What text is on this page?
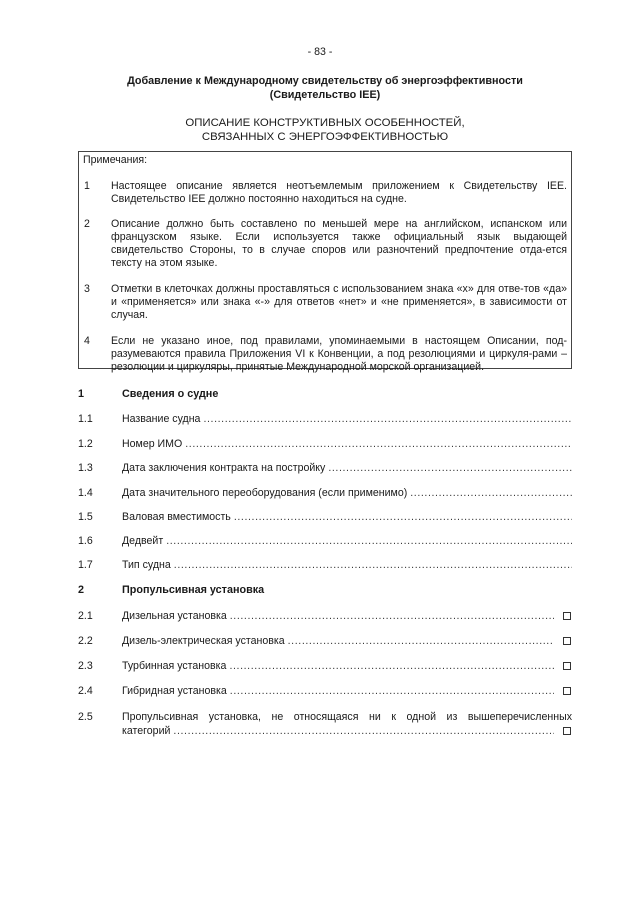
- 83 -
Добавление к Международному свидетельству об энергоэффективности
(Свидетельство IEE)
ОПИСАНИЕ КОНСТРУКТИВНЫХ ОСОБЕННОСТЕЙ,
СВЯЗАННЫХ С ЭНЕРГОЭФФЕКТИВНОСТЬЮ
Примечания:
1 Настоящее описание является неотъемлемым приложением к Свидетельству IEE. Свидетельство IEE должно постоянно находиться на судне.
2 Описание должно быть составлено по меньшей мере на английском, испанском или французском языке. Если используется также официальный язык выдающей свидетельство Стороны, то в случае споров или разночтений предпочтение отда-ется тексту на этом языке.
3 Отметки в клеточках должны проставляться с использованием знака «x» для отве-тов «да» и «применяется» или знака «-» для ответов «нет» и «не применяется», в зависимости от случая.
4 Если не указано иное, под правилами, упоминаемыми в настоящем Описании, под-разумеваются правила Приложения VI к Конвенции, а под резолюциями и циркуля-рами – резолюции и циркуляры, принятые Международной морской организацией.
1	Сведения о судне
1.1	Название судна
.....
1.2	Номер ИМО
.....
1.3	Дата заключения контракта на постройку
.....
1.4	Дата значительного переоборудования (если применимо)
.....
1.5	Валовая вместимость
.....
1.6	Дедвейт
.....
1.7	Тип судна
.....
2	Пропульсивная установка
2.1	Дизельная установка
.....
2.2	Дизель-электрическая установка
.....
2.3	Турбинная установка
.....
2.4	Гибридная установка
.....
2.5	Пропульсивная установка, не относящаяся ни к одной из вышеперечисленных
категорий
.....
